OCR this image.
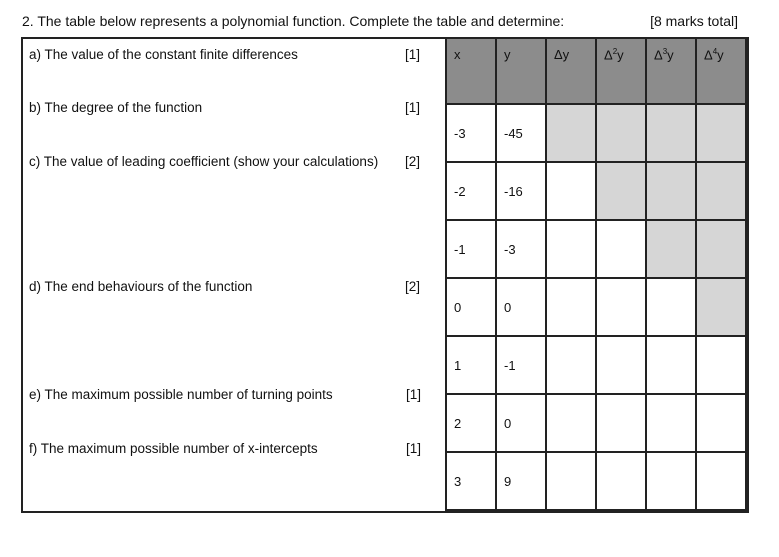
2. The table below represents a polynomial function. Complete the table and determine:	[8 marks total]
a) The value of the constant finite differences	[1]
b) The degree of the function	[1]
c) The value of leading coefficient (show your calculations) [2]
d) The end behaviours of the function	[2]
e) The maximum possible number of turning points	[1]
f) The maximum possible number of x-intercepts	[1]
x	y	Δy	$\Delta^2y$	$\Delta^3y$	$\Delta^4y$

-3	-45				

-2	-16				

-1	-3				

0	0				

1	-1				

2	0				

3	9				
